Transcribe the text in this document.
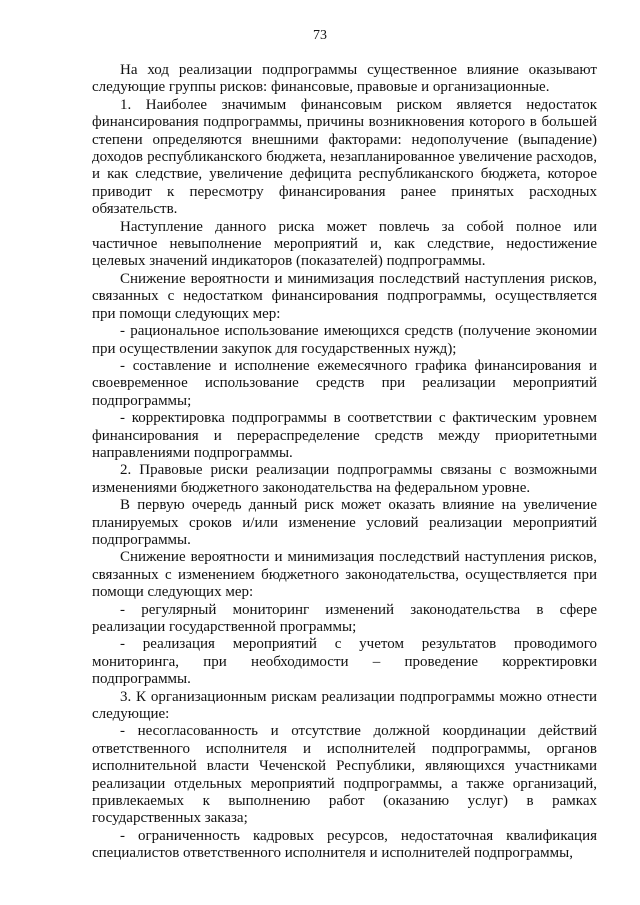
73

На ход реализации подпрограммы существенное влияние оказывают следующие группы рисков: финансовые, правовые и организационные.

1. Наиболее значимым финансовым риском является недостаток финансирования подпрограммы, причины возникновения которого в большей степени определяются внешними факторами: недополучение (выпадение) доходов республиканского бюджета, незапланированное увеличение расходов, и как следствие, увеличение дефицита республиканского бюджета, которое приводит к пересмотру финансирования ранее принятых расходных обязательств.

Наступление данного риска может повлечь за собой полное или частичное невыполнение мероприятий и, как следствие, недостижение целевых значений индикаторов (показателей) подпрограммы.

Снижение вероятности и минимизация последствий наступления рисков, связанных с недостатком финансирования подпрограммы, осуществляется при помощи следующих мер:

- рациональное использование имеющихся средств (получение экономии при осуществлении закупок для государственных нужд);

- составление и исполнение ежемесячного графика финансирования и своевременное использование средств при реализации мероприятий подпрограммы;

- корректировка подпрограммы в соответствии с фактическим уровнем финансирования и перераспределение средств между приоритетными направлениями подпрограммы.

2. Правовые риски реализации подпрограммы связаны с возможными изменениями бюджетного законодательства на федеральном уровне.

В первую очередь данный риск может оказать влияние на увеличение планируемых сроков и/или изменение условий реализации мероприятий подпрограммы.

Снижение вероятности и минимизация последствий наступления рисков, связанных с изменением бюджетного законодательства, осуществляется при помощи следующих мер:

- регулярный мониторинг изменений законодательства в сфере реализации государственной программы;

- реализация мероприятий с учетом результатов проводимого мониторинга, при необходимости – проведение корректировки подпрограммы.

3. К организационным рискам реализации подпрограммы можно отнести следующие:

- несогласованность и отсутствие должной координации действий ответственного исполнителя и исполнителей подпрограммы, органов исполнительной власти Чеченской Республики, являющихся участниками реализации отдельных мероприятий подпрограммы, а также организаций, привлекаемых к выполнению работ (оказанию услуг) в рамках государственных заказа;

- ограниченность кадровых ресурсов, недостаточная квалификация специалистов ответственного исполнителя и исполнителей подпрограммы,
